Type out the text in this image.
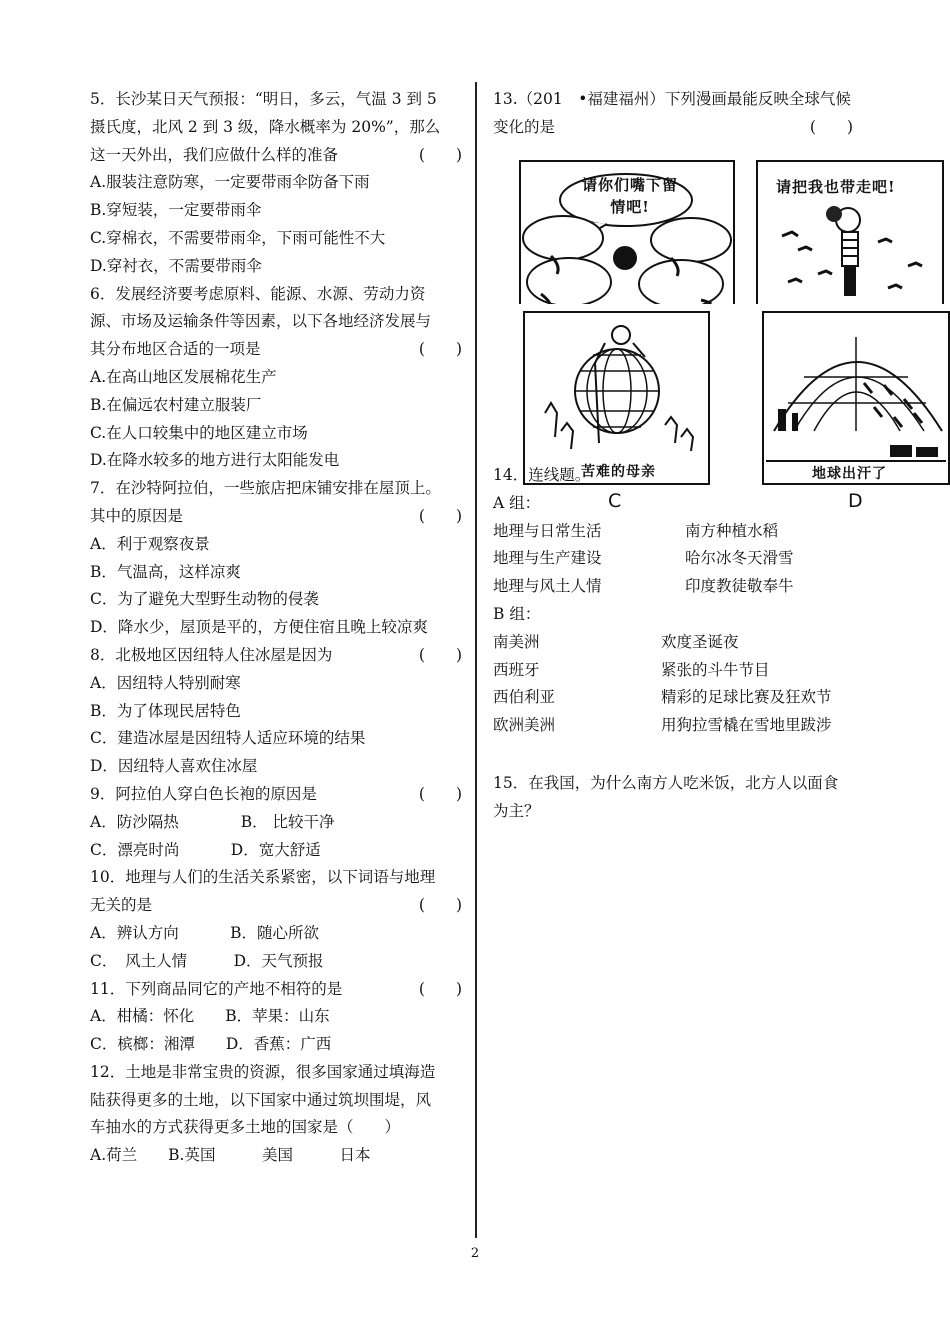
5．长沙某日天气预报：“明日，多云，气温 3 到 5
摄氏度，北风 2 到 3 级，降水概率为 20%”，那么
这一天外出，我们应做什么样的准备	(　　)
A.服装注意防寒，一定要带雨伞防备下雨
B.穿短装，一定要带雨伞
C.穿棉衣，不需要带雨伞，下雨可能性不大
D.穿衬衣，不需要带雨伞
6．发展经济要考虑原料、能源、水源、劳动力资
源、市场及运输条件等因素，以下各地经济发展与
其分布地区合适的一项是	(　　)
A.在高山地区发展棉花生产
B.在偏远农村建立服装厂
C.在人口较集中的地区建立市场
D.在降水较多的地方进行太阳能发电
7．在沙特阿拉伯，一些旅店把床铺安排在屋顶上。
其中的原因是	(　　)
A．利于观察夜景
B．气温高，这样凉爽
C．为了避免大型野生动物的侵袭
D．降水少，屋顶是平的，方便住宿且晚上较凉爽
8．北极地区因纽特人住冰屋是因为	(　　)
A．因纽特人特别耐寒
B．为了体现民居特色
C．建造冰屋是因纽特人适应环境的结果
D．因纽特人喜欢住冰屋
9．阿拉伯人穿白色长袍的原因是	(　　)
A．防沙隔热　　　　B． 比较干净
C．漂亮时尚　　　 D．宽大舒适
10．地理与人们的生活关系紧密，以下词语与地理
无关的是	(　　)
A．辨认方向　　　 B．随心所欲
C．　风土人情　　　D．天气预报
11．下列商品同它的产地不相符的是	(　　)
A．柑橘：怀化　　B．苹果：山东
C．槟榔：湘潭　　D．香蕉：广西
12．土地是非常宝贵的资源，很多国家通过填海造
陆获得更多的土地，以下国家中通过筑坝围堤，风
车抽水的方式获得更多土地的国家是（　　）
A.荷兰　　B.英国　　　美国　　　日本
13.（201　•福建福州）下列漫画最能反映全球气候
变化的是	(　　)
请你们嘴下留情吧!
请把我也带走吧!
苦难的母亲	地球出汗了
C	D
14．连线题。
A 组：
地理与日常生活	南方种植水稻
地理与生产建设	哈尔冰冬天滑雪
地理与风土人情	印度教徒敬奉牛
B 组：
南美洲	欢度圣诞夜
西班牙	紧张的斗牛节目
西伯利亚	精彩的足球比赛及狂欢节
欧洲美洲	用狗拉雪橇在雪地里跋涉
15．在我国，为什么南方人吃米饭，北方人以面食
为主？
2
